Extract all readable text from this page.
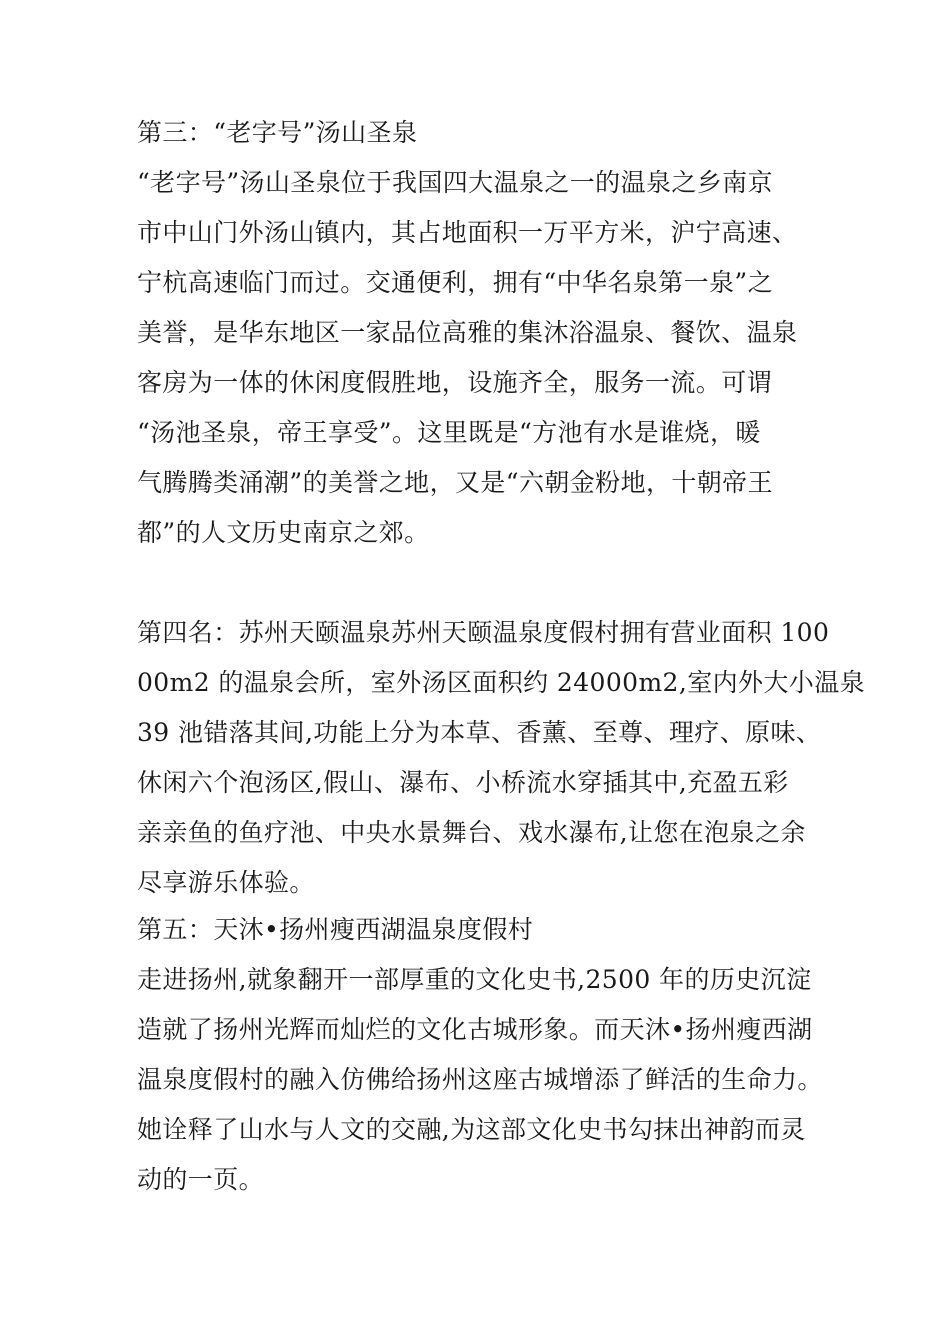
第三：“老字号”汤山圣泉
“老字号”汤山圣泉位于我国四大温泉之一的温泉之乡南京
市中山门外汤山镇内，其占地面积一万平方米，沪宁高速、
宁杭高速临门而过。交通便利，拥有“中华名泉第一泉”之
美誉，是华东地区一家品位高雅的集沐浴温泉、餐饮、温泉
客房为一体的休闲度假胜地，设施齐全，服务一流。可谓
“汤池圣泉，帝王享受”。这里既是“方池有水是谁烧，暖
气腾腾类涌潮”的美誉之地，又是“六朝金粉地，十朝帝王
都”的人文历史南京之郊。
第四名：苏州天颐温泉苏州天颐温泉度假村拥有营业面积 100
00m2 的温泉会所，室外汤区面积约 24000m2,室内外大小温泉
39 池错落其间,功能上分为本草、香薰、至尊、理疗、原味、
休闲六个泡汤区,假山、瀑布、小桥流水穿插其中,充盈五彩
亲亲鱼的鱼疗池、中央水景舞台、戏水瀑布,让您在泡泉之余
尽享游乐体验。
第五：天沐•扬州瘦西湖温泉度假村
走进扬州,就象翻开一部厚重的文化史书,2500 年的历史沉淀
造就了扬州光辉而灿烂的文化古城形象。而天沐•扬州瘦西湖
温泉度假村的融入仿佛给扬州这座古城增添了鲜活的生命力。
她诠释了山水与人文的交融,为这部文化史书勾抹出神韵而灵
动的一页。
